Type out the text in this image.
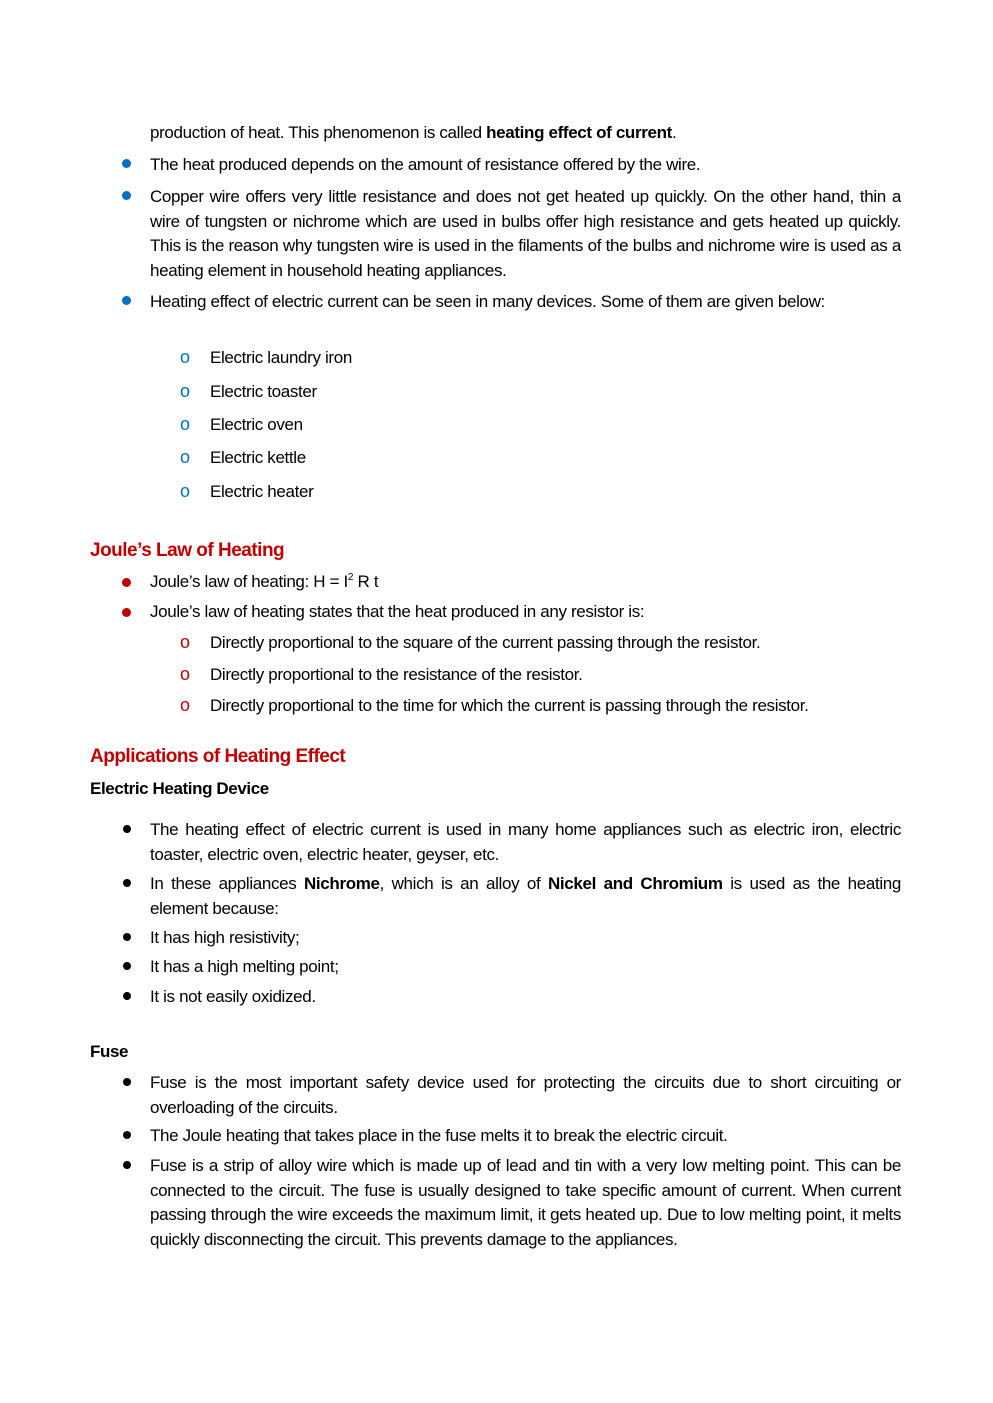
production of heat. This phenomenon is called heating effect of current.
The heat produced depends on the amount of resistance offered by the wire.
Copper wire offers very little resistance and does not get heated up quickly. On the other hand, thin a wire of tungsten or nichrome which are used in bulbs offer high resistance and gets heated up quickly. This is the reason why tungsten wire is used in the filaments of the bulbs and nichrome wire is used as a heating element in household heating appliances.
Heating effect of electric current can be seen in many devices. Some of them are given below:
o Electric laundry iron
o Electric toaster
o Electric oven
o Electric kettle
o Electric heater
Joule’s Law of Heating
Joule’s law of heating: $H = I^2$ R t
Joule’s law of heating states that the heat produced in any resistor is:
o Directly proportional to the square of the current passing through the resistor.
o Directly proportional to the resistance of the resistor.
o Directly proportional to the time for which the current is passing through the resistor.
Applications of Heating Effect
Electric Heating Device
The heating effect of electric current is used in many home appliances such as electric iron, electric toaster, electric oven, electric heater, geyser, etc.
In these appliances Nichrome, which is an alloy of Nickel and Chromium is used as the heating element because:
It has high resistivity;
It has a high melting point;
It is not easily oxidized.
Fuse
Fuse is the most important safety device used for protecting the circuits due to short circuiting or overloading of the circuits.
The Joule heating that takes place in the fuse melts it to break the electric circuit.
Fuse is a strip of alloy wire which is made up of lead and tin with a very low melting point. This can be connected to the circuit. The fuse is usually designed to take specific amount of current. When current passing through the wire exceeds the maximum limit, it gets heated up. Due to low melting point, it melts quickly disconnecting the circuit. This prevents damage to the appliances.
